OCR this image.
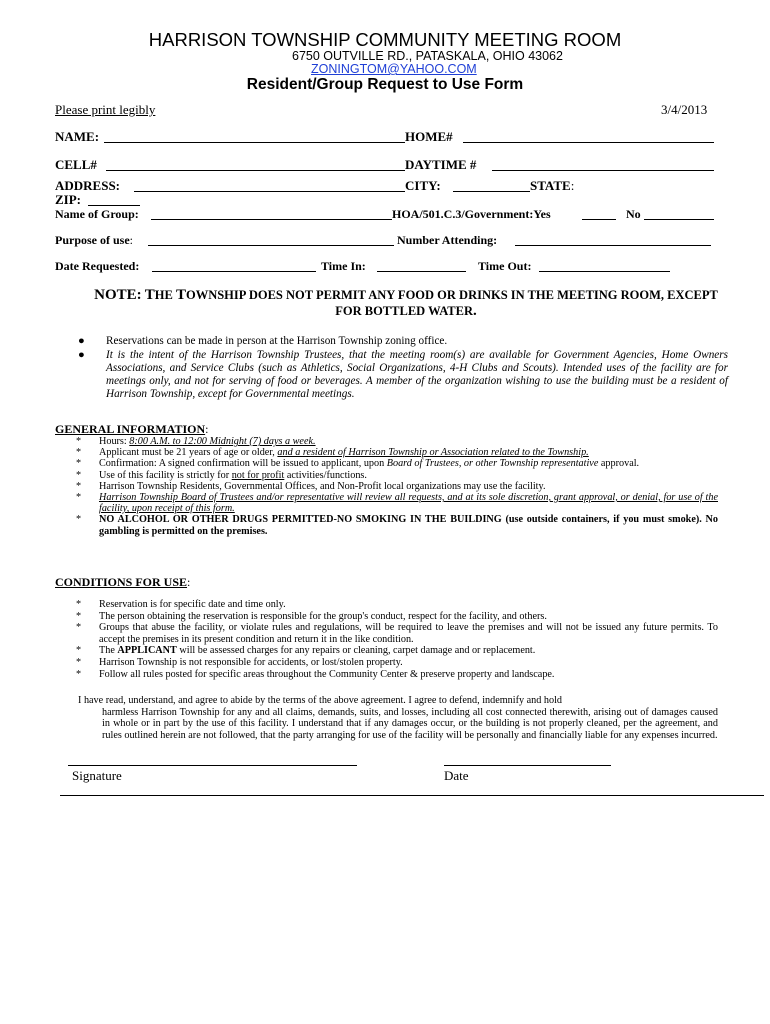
HARRISON TOWNSHIP COMMUNITY MEETING ROOM
6750 OUTVILLE RD., PATASKALA, OHIO 43062
ZONINGTOM@YAHOO.COM
Resident/Group Request to Use Form
Please print legibly	3/4/2013
NAME:	HOME#
CELL#	DAYTIME #
ADDRESS:	CITY:	STATE:
ZIP:
Name of Group:	HOA/501.C.3/Government:Yes	No
Purpose of use:	Number Attending:
Date Requested:	Time In:	Time Out:
NOTE: THE TOWNSHIP DOES NOT PERMIT ANY FOOD OR DRINKS IN THE MEETING ROOM, EXCEPT
FOR BOTTLED WATER.
● Reservations can be made in person at the Harrison Township zoning office.
● It is the intent of the Harrison Township Trustees, that the meeting room(s) are available for Government Agencies, Home Owners Associations, and Service Clubs (such as Athletics, Social Organizations, 4-H Clubs and Scouts). Intended uses of the facility are for meetings only, and not for serving of food or beverages. A member of the organization wishing to use the building must be a resident of Harrison Township, except for Governmental meetings.
GENERAL INFORMATION:
* Hours: 8:00 A.M. to 12:00 Midnight (7) days a week.
* Applicant must be 21 years of age or older, and a resident of Harrison Township or Association related to the Township.
* Confirmation: A signed confirmation will be issued to applicant, upon Board of Trustees, or other Township representative approval.
* Use of this facility is strictly for not for profit activities/functions.
* Harrison Township Residents, Governmental Offices, and Non-Profit local organizations may use the facility.
* Harrison Township Board of Trustees and/or representative will review all requests, and at its sole discretion, grant approval, or denial, for use of the facility, upon receipt of this form.
* NO ALCOHOL OR OTHER DRUGS PERMITTED-NO SMOKING IN THE BUILDING (use outside containers, if you must smoke). No gambling is permitted on the premises.
CONDITIONS FOR USE:
* Reservation is for specific date and time only.
* The person obtaining the reservation is responsible for the group's conduct, respect for the facility, and others.
* Groups that abuse the facility, or violate rules and regulations, will be required to leave the premises and will not be issued any future permits. To accept the premises in its present condition and return it in the like condition.
* The APPLICANT will be assessed charges for any repairs or cleaning, carpet damage and or replacement.
* Harrison Township is not responsible for accidents, or lost/stolen property.
* Follow all rules posted for specific areas throughout the Community Center & preserve property and landscape.
I have read, understand, and agree to abide by the terms of the above agreement. I agree to defend, indemnify and hold
harmless Harrison Township for any and all claims, demands, suits, and losses, including all cost connected therewith, arising out of damages caused in whole or in part by the use of this facility. I understand that if any damages occur, or the building is not properly cleaned, per the agreement, and rules outlined herein are not followed, that the party arranging for use of the facility will be personally and financially liable for any expenses incurred.
Signature	Date
